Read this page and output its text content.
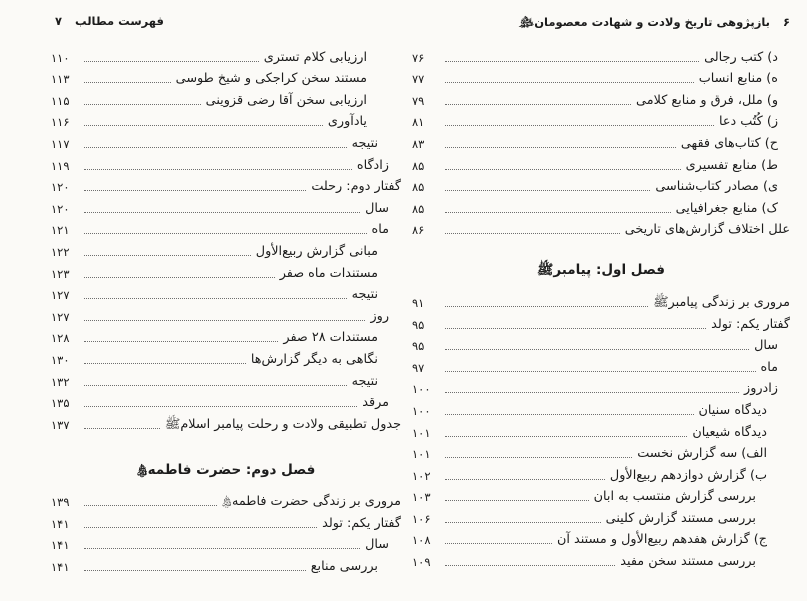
فهرست مطالب
۷
۱۱۰	ارزیابی کلام تستری
۱۱۳	مستند سخن کراجکی و شیخ طوسی
۱۱۵	ارزیابی سخن آقا رضی قزوینی
۱۱۶	یادآوری
۱۱۷	نتیجه
۱۱۹	زادگاه
۱۲۰	گفتار دوم: رحلت
۱۲۰	سال
۱۲۱	ماه
۱۲۲	مبانی گزارش ربیع‌الأول
۱۲۳	مستندات ماه صفر
۱۲۷	نتیجه
۱۲۷	روز
۱۲۸	مستندات ۲۸ صفر
۱۳۰	نگاهی به دیگر گزارش‌ها
۱۳۲	نتیجه
۱۳۵	مرقد
۱۳۷	جدول تطبیقی ولادت و رحلت پیامبر اسلامﷺ
فصل دوم: حضرت فاطمه﵋
۱۳۹	مروری بر زندگی حضرت فاطمه﵋
۱۴۱	گفتار یکم: تولد
۱۴۱	سال
۱۴۱	بررسی منابع
۶
بازپژوهی تاریخ ولادت و شهادت معصومان﵈
۷۶	د) کتب رجالی
۷۷	ه) منابع انساب
۷۹	و) ملل، فرق و منابع کلامی
۸۱	ز) کُتُب دعا
۸۳	ح) کتاب‌های فقهی
۸۵	ط) منابع تفسیری
۸۵	ی) مصادر کتاب‌شناسی
۸۵	ک) منابع جغرافیایی
۸۶	علل اختلاف گزارش‌های تاریخی
فصل اول: پیامبرﷺ
۹۱	مروری بر زندگی پیامبرﷺ
۹۵	گفتار یکم: تولد
۹۵	سال
۹۷	ماه
۱۰۰	زادروز
۱۰۰	دیدگاه سنیان
۱۰۱	دیدگاه شیعیان
۱۰۱	الف) سه گزارش نخست
۱۰۲	ب) گزارش دوازدهم ربیع‌الأول
۱۰۳	بررسی گزارش منتسب به ابان
۱۰۶	بررسی مستند گزارش کلینی
۱۰۸	ج) گزارش هفدهم ربیع‌الأول و مستند آن
۱۰۹	بررسی مستند سخن مفید
